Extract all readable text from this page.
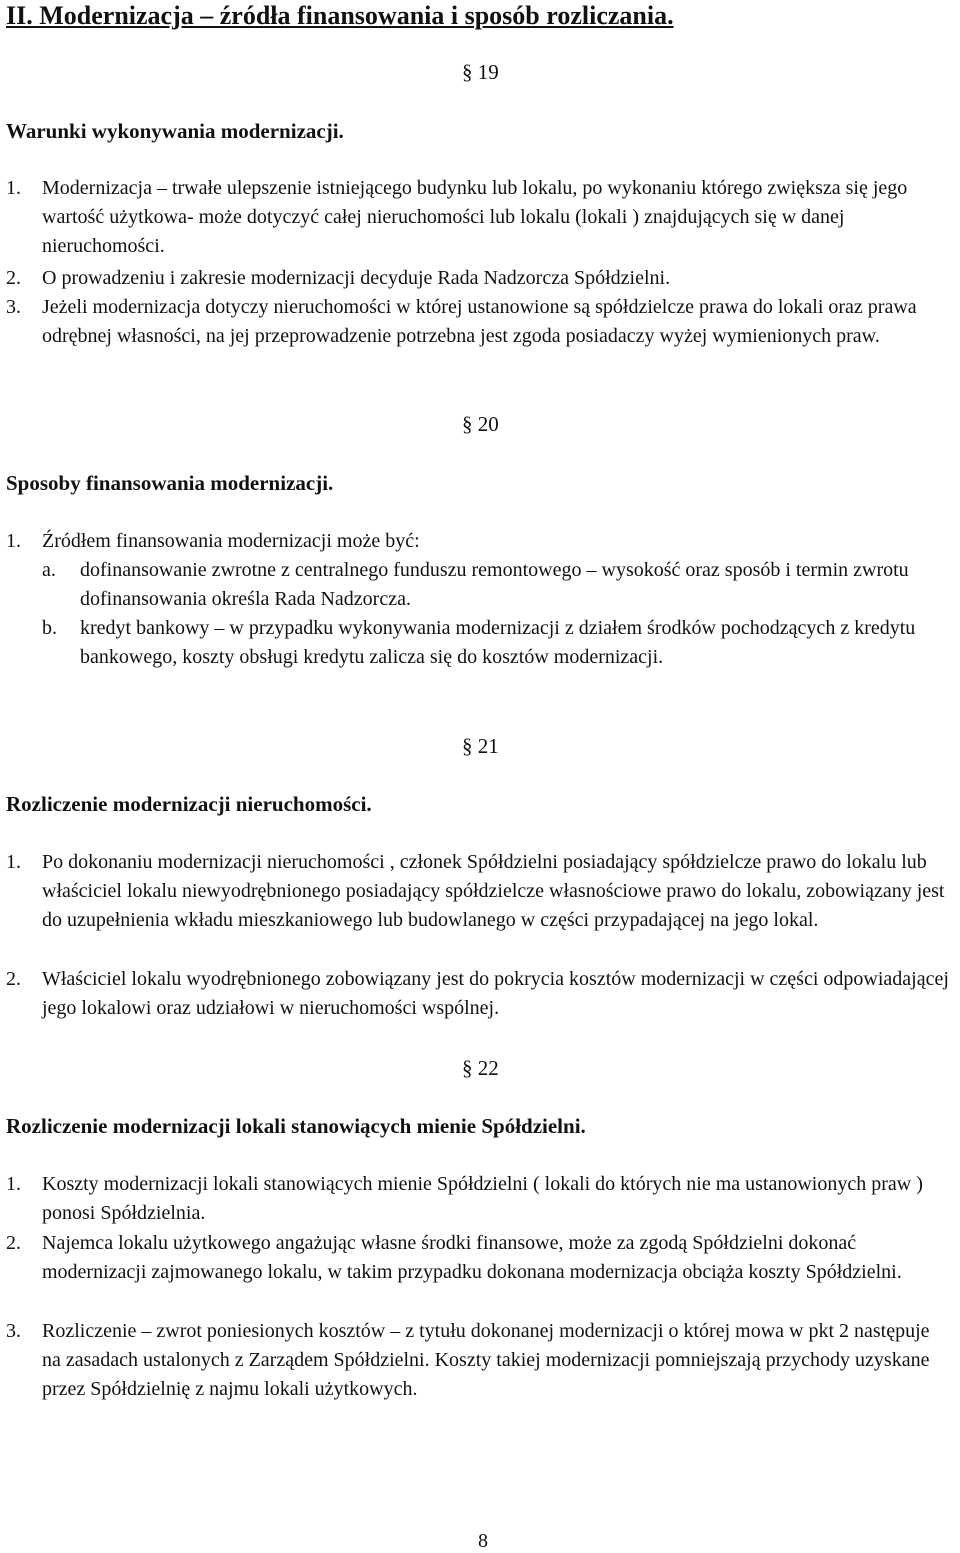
II. Modernizacja – źródła finansowania i sposób rozliczania.
§ 19
Warunki wykonywania modernizacji.
1. Modernizacja – trwałe ulepszenie istniejącego budynku lub lokalu, po wykonaniu którego zwiększa się jego wartość użytkowa- może dotyczyć całej nieruchomości lub lokalu (lokali ) znajdujących się w danej nieruchomości.
2. O prowadzeniu i zakresie modernizacji decyduje Rada Nadzorcza Spółdzielni.
3. Jeżeli modernizacja dotyczy nieruchomości w której ustanowione są spółdzielcze prawa do lokali oraz prawa odrębnej własności, na jej przeprowadzenie potrzebna jest zgoda posiadaczy wyżej wymienionych praw.
§ 20
Sposoby finansowania modernizacji.
1. Źródłem finansowania modernizacji może być:
a. dofinansowanie zwrotne z centralnego funduszu remontowego – wysokość oraz sposób i termin zwrotu dofinansowania określa Rada Nadzorcza.
b. kredyt bankowy – w przypadku wykonywania modernizacji z działem środków pochodzących z kredytu bankowego, koszty obsługi kredytu zalicza się do kosztów modernizacji.
§ 21
Rozliczenie modernizacji nieruchomości.
1. Po dokonaniu modernizacji nieruchomości , członek Spółdzielni posiadający spółdzielcze prawo do lokalu lub właściciel lokalu niewyodrębnionego posiadający spółdzielcze własnościowe prawo do lokalu, zobowiązany jest do uzupełnienia wkładu mieszkaniowego lub budowlanego w części przypadającej na jego lokal.
2. Właściciel lokalu wyodrębnionego zobowiązany jest do pokrycia kosztów modernizacji w części odpowiadającej jego lokalowi oraz udziałowi w nieruchomości wspólnej.
§ 22
Rozliczenie modernizacji lokali stanowiących mienie Spółdzielni.
1. Koszty modernizacji lokali stanowiących mienie Spółdzielni ( lokali do których nie ma ustanowionych praw ) ponosi Spółdzielnia.
2. Najemca lokalu użytkowego angażując własne środki finansowe, może za zgodą Spółdzielni dokonać modernizacji zajmowanego lokalu, w takim przypadku dokonana modernizacja obciąża koszty Spółdzielni.
3. Rozliczenie – zwrot poniesionych kosztów – z tytułu dokonanej modernizacji o której mowa w pkt 2 następuje na zasadach ustalonych z Zarządem Spółdzielni. Koszty takiej modernizacji pomniejszają przychody uzyskane przez Spółdzielnię z najmu lokali użytkowych.
8
